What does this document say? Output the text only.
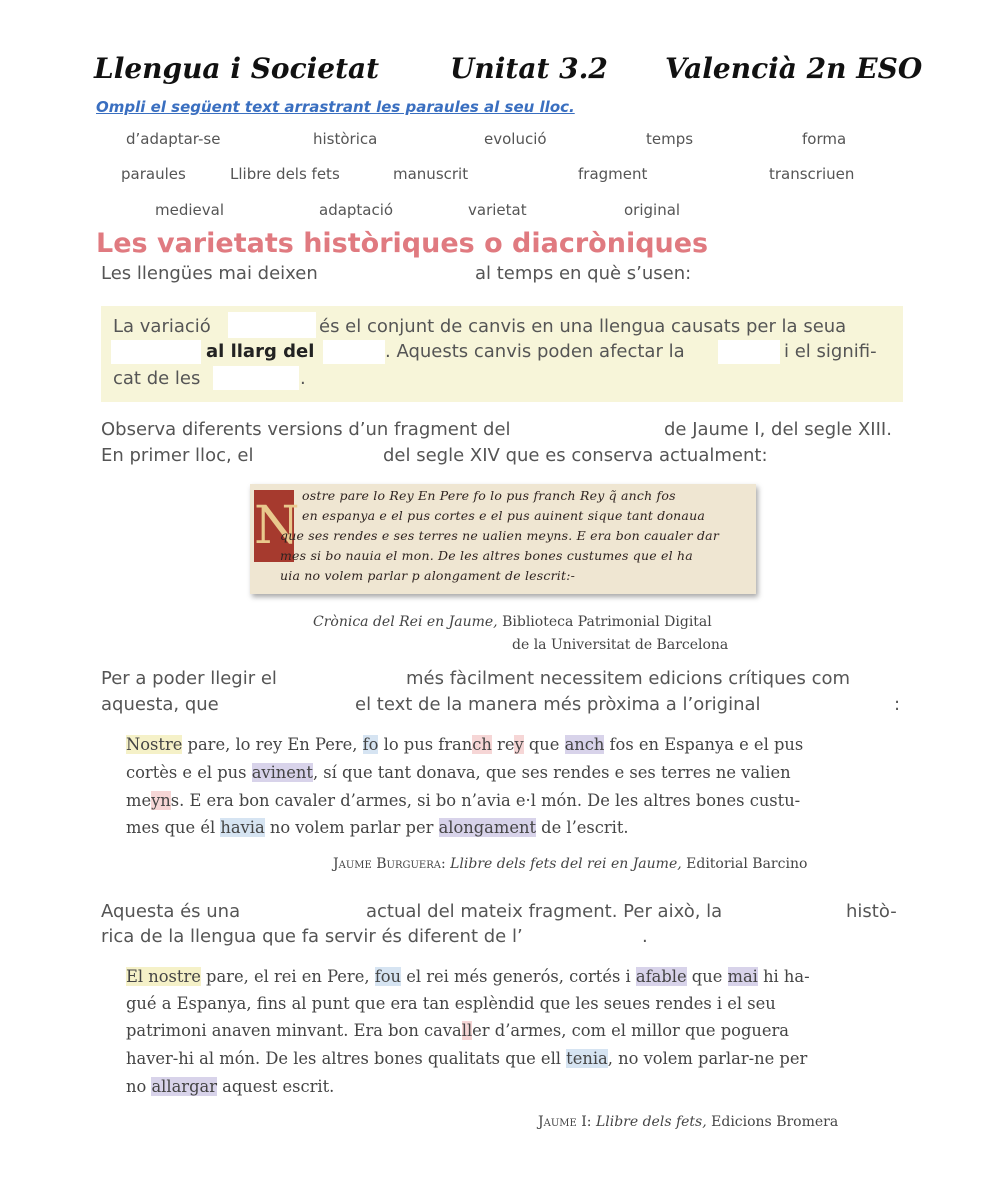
Llengua i Societat	Unitat 3.2 Valencià 2n ESO
Ompli el següent text arrastrant les paraules al seu lloc.
d’adaptar-se	històrica	evolució	temps	forma
paraules	Llibre dels fets	manuscrit	fragment	transcriuen
medieval	adaptació	varietat	original
Les varietats històriques o diacròniques
Les llengües mai deixen	al temps en què s’usen:
La variació	és el conjunt de canvis en una llengua causats per la seua
al llarg del	. Aquests canvis poden afectar la	i el signifi-
cat de les	.
Observa diferents versions d’un fragment del	de Jaume I, del segle XIII.
En primer lloc, el	del segle XIV que es conserva actualment:
N
ostre pare lo Rey En Pere fo lo pus franch Rey q̃ anch fos
en espanya e el pus cortes e el pus auinent sique tant donaua
que ses rendes e ses terres ne ualien meyns. E era bon caualer dar
mes si bo nauia el mon. De les altres bones custumes que el ha
uia no volem parlar p alongament de lescrit:-
Crònica del Rei en Jaume, Biblioteca Patrimonial Digital
de la Universitat de Barcelona
Per a poder llegir el	més fàcilment necessitem edicions crítiques com
aquesta, que	el text de la manera més pròxima a l’original	:
Nostre pare, lo rey En Pere, fo lo pus franch rey que anch fos en Espanya e el pus
cortès e el pus avinent, sí que tant donava, que ses rendes e ses terres ne valien
meyns. E era bon cavaler d’armes, si bo n’avia e·l món. De les altres bones custu-
mes que él havia no volem parlar per alongament de l’escrit.
Jaume Burguera: Llibre dels fets del rei en Jaume, Editorial Barcino
Aquesta és una	actual del mateix fragment. Per això, la	histò-
rica de la llengua que fa servir és diferent de l’	.
El nostre pare, el rei en Pere, fou el rei més generós, cortés i afable que mai hi ha-
gué a Espanya, fins al punt que era tan esplèndid que les seues rendes i el seu
patrimoni anaven minvant. Era bon cavaller d’armes, com el millor que poguera
haver-hi al món. De les altres bones qualitats que ell tenia, no volem parlar-ne per
no allargar aquest escrit.
Jaume I: Llibre dels fets, Edicions Bromera
